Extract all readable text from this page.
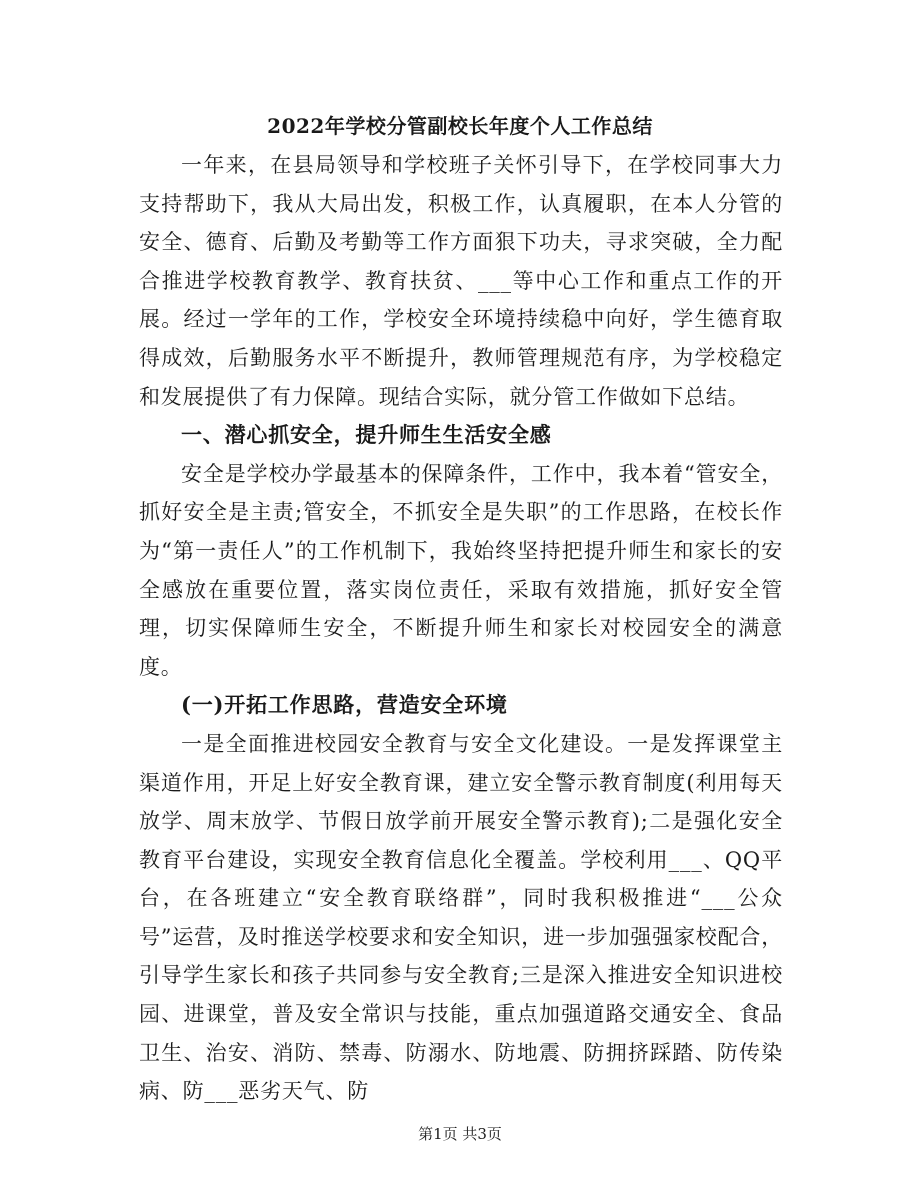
2022年学校分管副校长年度个人工作总结

一年来，在县局领导和学校班子关怀引导下，在学校同事大力支持帮助下，我从大局出发，积极工作，认真履职，在本人分管的安全、德育、后勤及考勤等工作方面狠下功夫，寻求突破，全力配合推进学校教育教学、教育扶贫、___等中心工作和重点工作的开展。经过一学年的工作，学校安全环境持续稳中向好，学生德育取得成效，后勤服务水平不断提升，教师管理规范有序，为学校稳定和发展提供了有力保障。现结合实际，就分管工作做如下总结。

一、潜心抓安全，提升师生生活安全感

安全是学校办学最基本的保障条件，工作中，我本着“管安全，抓好安全是主责;管安全，不抓安全是失职”的工作思路，在校长作为“第一责任人”的工作机制下，我始终坚持把提升师生和家长的安全感放在重要位置，落实岗位责任，采取有效措施，抓好安全管理，切实保障师生安全，不断提升师生和家长对校园安全的满意度。

(一)开拓工作思路，营造安全环境

一是全面推进校园安全教育与安全文化建设。一是发挥课堂主渠道作用，开足上好安全教育课，建立安全警示教育制度(利用每天放学、周末放学、节假日放学前开展安全警示教育);二是强化安全教育平台建设，实现安全教育信息化全覆盖。学校利用___、QQ平台，在各班建立“安全教育联络群”，同时我积极推进“___公众号”运营，及时推送学校要求和安全知识，进一步加强强家校配合，引导学生家长和孩子共同参与安全教育;三是深入推进安全知识进校园、进课堂，普及安全常识与技能，重点加强道路交通安全、食品卫生、治安、消防、禁毒、防溺水、防地震、防拥挤踩踏、防传染病、防___恶劣天气、防

第1页 共3页
